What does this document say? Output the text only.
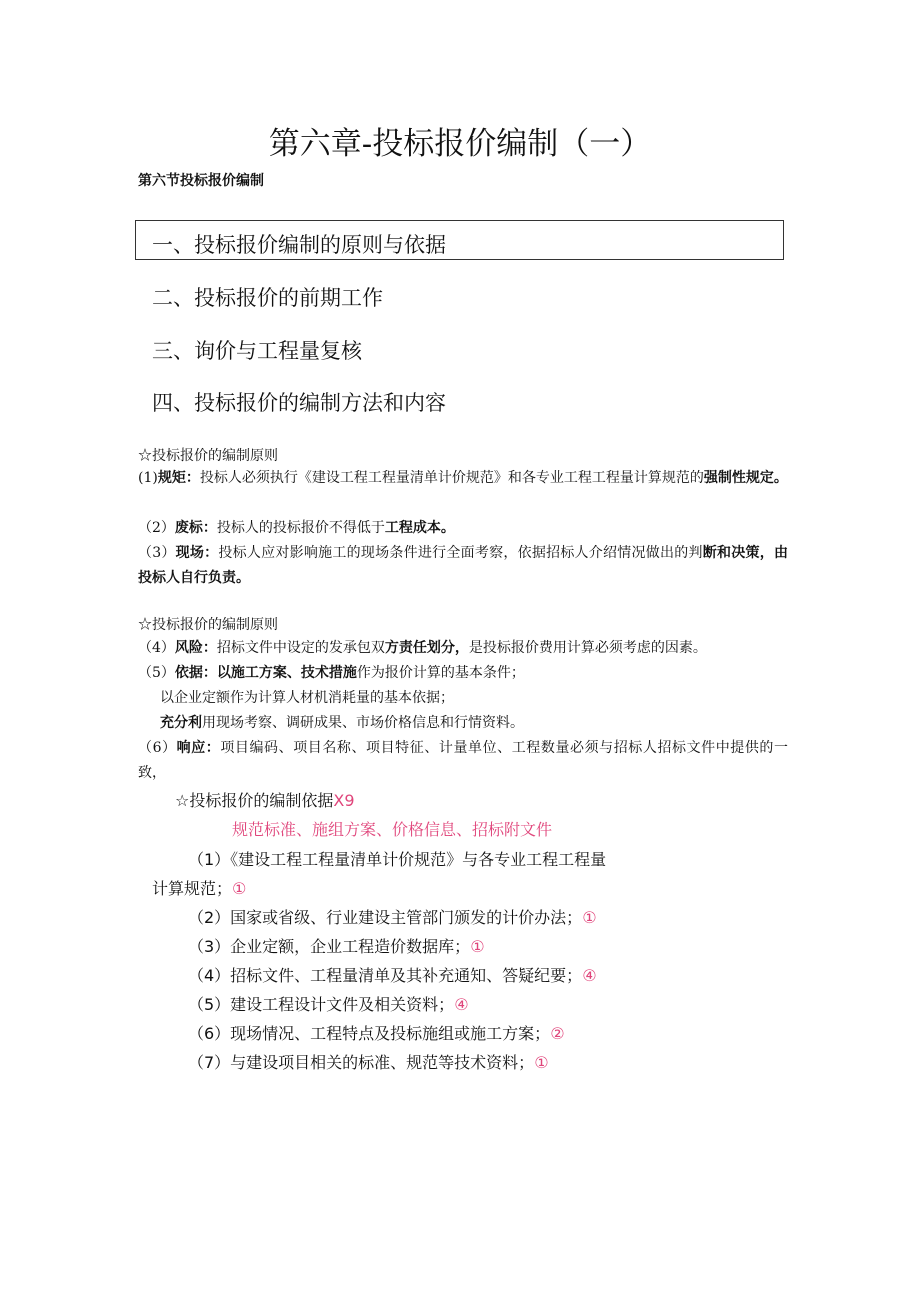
第六章-投标报价编制（一）
第六节投标报价编制
一、投标报价编制的原则与依据
二、投标报价的前期工作
三、询价与工程量复核
四、投标报价的编制方法和内容
☆投标报价的编制原则
(1)规矩：投标人必须执行《建设工程工程量清单计价规范》和各专业工程工程量计算规范的强制性规定。
（2）废标：投标人的投标报价不得低于工程成本。
（3）现场：投标人应对影响施工的现场条件进行全面考察，依据招标人介绍情况做出的判断和决策，由投标人自行负责。
☆投标报价的编制原则
（4）风险：招标文件中设定的发承包双方责任划分，是投标报价费用计算必须考虑的因素。
（5）依据：以施工方案、技术措施作为报价计算的基本条件；
以企业定额作为计算人材机消耗量的基本依据；
充分利用现场考察、调研成果、市场价格信息和行情资料。
（6）响应：项目编码、项目名称、项目特征、计量单位、工程数量必须与招标人招标文件中提供的一致，
☆投标报价的编制依据X9
规范标准、施组方案、价格信息、招标附文件
（1）《建设工程工程量清单计价规范》与各专业工程工程量
计算规范；①
（2）国家或省级、行业建设主管部门颁发的计价办法；①
（3）企业定额，企业工程造价数据库；①
（4）招标文件、工程量清单及其补充通知、答疑纪要；④
（5）建设工程设计文件及相关资料；④
（6）现场情况、工程特点及投标施组或施工方案；②
（7）与建设项目相关的标准、规范等技术资料；①
